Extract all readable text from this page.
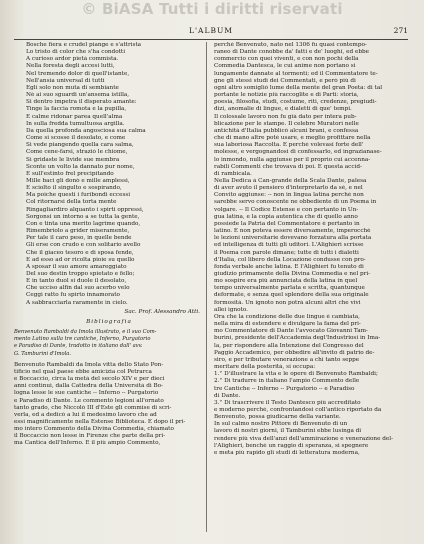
© BiASA Tutti i diritti riservati
L'ALBUM	271
Bosche fiera e crudel piange e s'attrista
Lo tristo di color che s'ha condotti
A curioso ardor pietà commista.
Nella foresta degli accesi lutti,
Nel tremendo dolor di quell'istante,
Nell'ansia universal di tutti
Egli solo non muta di sembiante
Nè ai suo sguardi un'ansema istilla,
Si dentro impetra il disperato amante:
Tinge la faccia romota e la pupilla,
E calme ridonar parea quell'alma
In sulla fredda tumultuosa argilla.
Da quella profonda angosciosa sua calma
Come si scosse il desolato, e come
Si vede piangendo quella cara salma,
Come cene-farsi, straziò le chiome,
Sì gridaste le livide sue membra
Sconte un volto la dannato pur nome,
E sull'estinto frel precipitando
Mille baci gli donò e mille amplessi,
E sciolto il singulto e sospirando,
Ma poiche questi i furibondi eccessi
Col ritornarsi della torta mente
Ringagliardiro alquanto i spirti oppressi,
Sorgonsi un intorno a se tutta la gente,
Con e tinta una merito lagrime quando,
Rimembriolo a grider miseramente,
Per tale il caro peso, in quelle bende
Gli erse con crudo e con solitario avello
Che il giaceo tesoro e di sposa fende,
E ad esso ad or ricolta pioie su quello
A sposar il suo amore amareggiato
Del suo destin troppo spietato e fello;
E in tanto duol si duole il desolato,
Che ucciso alfin dal suo acerbo velo
Ceggi ratto fu spirto innamorato
A sabbracciarla raramente in cielo.
Sac. Prof. Alessandro Atti.
Bibliografia
Benvenuto Rambaldi da Imola illustrato, e il suo Com-
mento Latino sulla tre cantiche, Inferno, Purgatorio
e Paradiso di Dante, tradotto in italiano dall' avv.
G. Tamburini d'Imola.
Benvenuto Rambaldi da Imola vitta dello Stato Pon-
tificio nel qual paese ebbe amicizia col Petrarca
e Boccaccio, circa la metà del secolo XIV e per dieci
anni continui, dalla Cattedra della Università di Bo-
logna lesse le sue cantiche -- Inferno -- Purgatorio
e Paradiso di Dante. Le commentò legioni all'ornato
tanto grado, che Niccolò III d'Este gli commise di scri-
verla, ed a dedicò a lui il medesimo lavoro che ad
essi magnificamente nella Estense Biblioteca. E dopo il pri-
mo intero Commento della Divina Commedia, chiamato
il Boccaccio non lesse in Firenze che parte della pri-
ma Cantica dell'Inferno. E il più ampio Commento,
perchè Benvenuto, nato nel 1306 fu quasi contempo-
raneo di Dante conobbe da' fatti e de' luoghi, ed ebbe
commercio con quei viventi, e con non pochi della
Commedia Dantesca, le cui anime non portano si
lungamente dannate al tormenti; ed il Commentatore te-
gne gli stessi studi dei Commentati, e però più di
ogni altro somigliò lume della mente del gran Poeta: di tal
portante le notizie più raccoglite e di Parti: storia,
poesia, filosofia, studi, costume, riti, credenze, pregiudi-
dizi, anomalie di lingue, e dialetti di que' tempi.
Il colossale lavoro non fu già dato per intera pub-
blicazione per le stampe. Il celebre Muratori nelle
antichità d'Italia pubblicò alcuni brani, e confessa
che di mano altre potè usare, e meglio profittare nella
sua laboriosa Raccolta. E perchè volevasi forte dell'
molesse, e vergognandosi di confessarlo, ed ingrazianase-
lo inmondo, nulla aggiunse per il proprio cui accenna-
rabili Commenti che trovava di poi. E questa accid-
di rambicala.
Nella Dedica à Can-grande della Scala Dante, palesa
di aver avuto il pensiero d'interpretarlo da sè, e nel
Convito aggiunse: -- non in lingua latina perchè non
sarebbe servo conoscente ne obbediente di un Poema in
volgare. -- Il Codice Estense e con pertanto in Un-
gua latina, e la copia autentica che di quello anno
possiede la Patria del Commentatore è pertanto in
latino. E non poteva essere diversamente, imperocchè
le lezioni universitarie dovevano forzatura alla portata
ed intelligenza di tutti gli uditori. L'Alighieri scrisse
il Poema con parole dimane; tutte di tutti i dialetti
d'Italia, col libero della Locazione condusse con pro-
fonda verbale anche latina. E l'Alighieri fu tenuto di
giudizio primamente della Divina Commedia e nel pri-
mo sospire era più annunciata della latina in quel
tempo universalmente parlata e scritta, quantunque
deformate, e senza quel splendore della sua originale
formosità. Un ignoto non potrà alcuni altri che vivi
allei ignoto.
Ora che la condizione delle due lingue è cambiata,
nella mira di estendere e divulgare la fama del pri-
mo Commentatore di Dante l'avvocato Giovanni Tam-
burini, presidente dell'Accademia degl'Industriosi in Ima-
la, per rispondere alla Intenzione del Congresso del
Paggio Accademico, per obbedire all'invito di patrio de-
siro, e per tributare venerazione a chi tanto seppe
meritare della posterità, si occupa:
1.° D'illustrare la vita e le opere di Benvenuto Rambaldi;
2.° Di tradurre in italiano l'ampio Commento delle
tre Cantiche -- Inferno -- Purgatorio -- e Paradiso
di Dante.
3.° Di trascrivere il Testo Dantesco più accreditato
e moderno perchè, confrontandosi coll'antico riportato da
Benvenuto, possa giudicarne della variante.
In sul calmo nostro Pittore di Benvenuto di un
lavoro di nostri giorni, il Tamburini ebbe lusinga di
rendere più viva dell'anzi dell'ammirazione e venerazione del-
l'Alighieri, benchè un raggio di speranza, si spegnere
e meta più rapido gli studi di letteratura moderna,
